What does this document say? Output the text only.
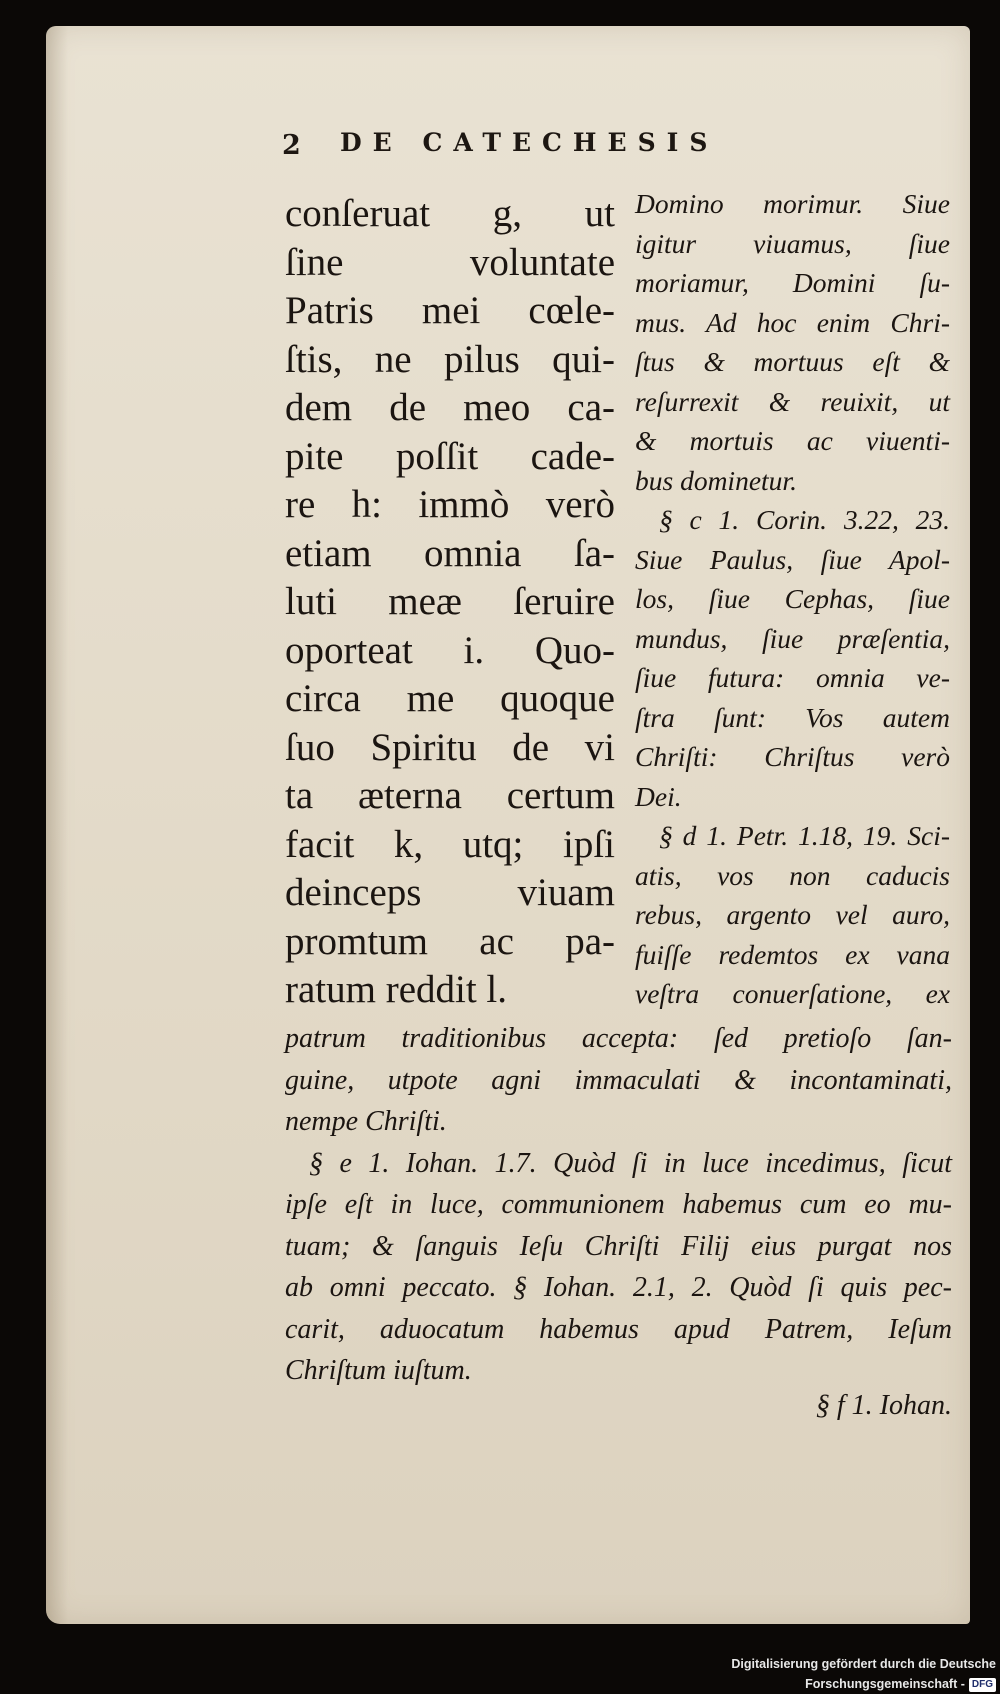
2	DE CATECHESIS
conſeruat g, ut
ſine voluntate
Patris mei cœle-
ſtis, ne pilus qui-
dem de meo ca-
pite poſſit cade-
re h: immò verò
etiam omnia ſa-
luti meæ ſeruire
oporteat i. Quo-
circa me quoque
ſuo Spiritu de vi
ta æterna certum
facit k, utq; ipſi
deinceps viuam
promtum ac pa-
ratum reddit l.
Domino morimur. Siue
igitur viuamus, ſiue
moriamur, Domini ſu-
mus. Ad hoc enim Chri-
ſtus & mortuus eſt &
reſurrexit & reuixit, ut
& mortuis ac viuenti-
bus dominetur.
§ c 1. Corin. 3.22, 23.
Siue Paulus, ſiue Apol-
los, ſiue Cephas, ſiue
mundus, ſiue præſentia,
ſiue futura: omnia ve-
ſtra ſunt: Vos autem
Chriſti: Chriſtus verò
Dei.
§ d 1. Petr. 1.18, 19. Sci-
atis, vos non caducis
rebus, argento vel auro,
fuiſſe redemtos ex vana
veſtra conuerſatione, ex
patrum traditionibus accepta: ſed pretioſo ſan-
guine, utpote agni immaculati & incontaminati,
nempe Chriſti.
§ e 1. Iohan. 1.7. Quòd ſi in luce incedimus, ſicut
ipſe eſt in luce, communionem habemus cum eo mu-
tuam; & ſanguis Ieſu Chriſti Filij eius purgat nos
ab omni peccato. § Iohan. 2.1, 2. Quòd ſi quis pec-
carit, aduocatum habemus apud Patrem, Ieſum
Chriſtum iuſtum.
§ f 1. Iohan.
Digitalisierung gefördert durch die Deutsche Forschungsgemeinschaft - DFG
